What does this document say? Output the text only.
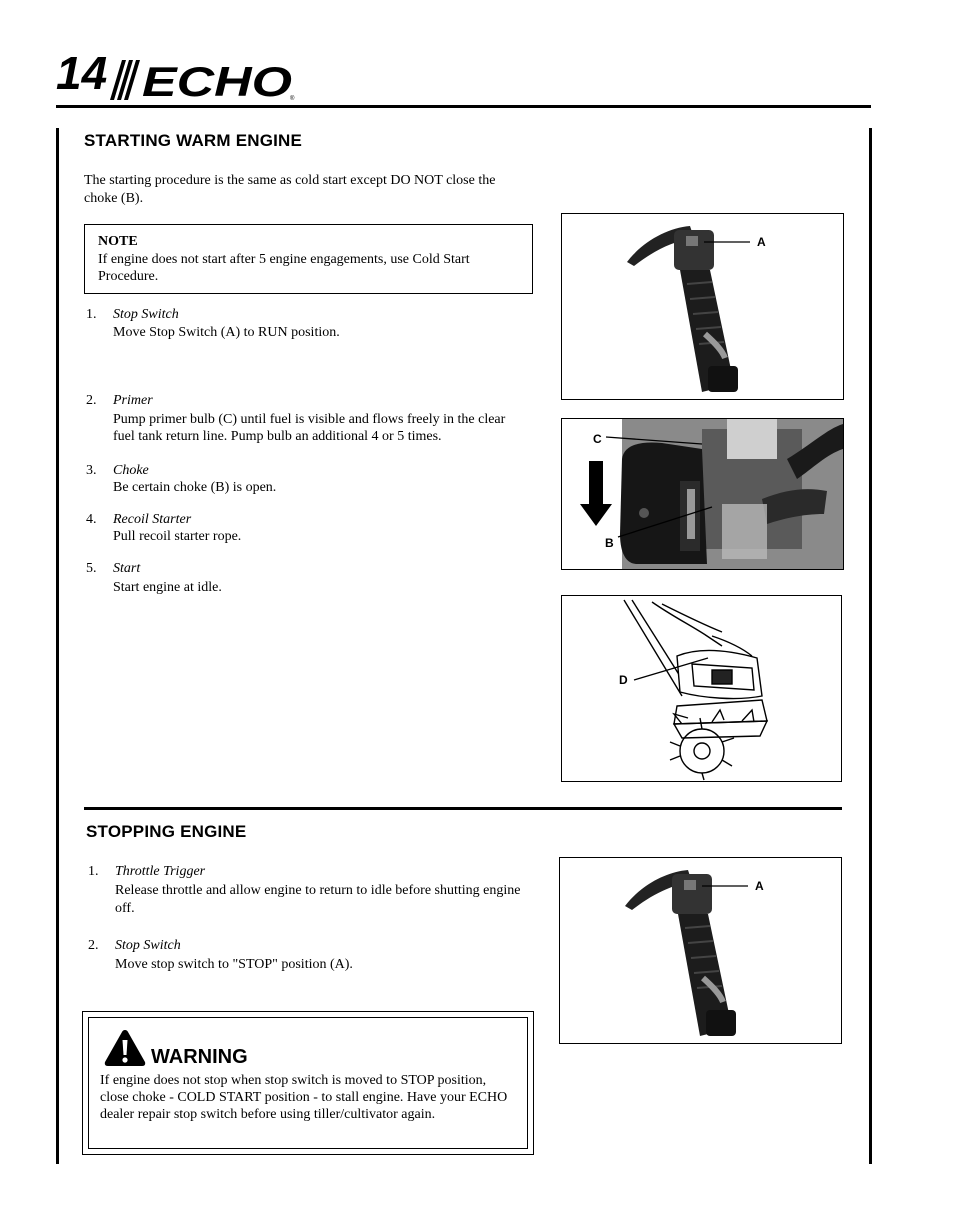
14 ECHO
®
STARTING WARM ENGINE
The starting procedure is the same as cold start except DO NOT close the choke (B).
NOTE
If engine does not start after 5 engine engagements, use Cold Start Procedure.
1. Stop Switch
Move Stop Switch (A) to RUN position.
2. Primer
Pump primer bulb (C) until fuel is visible and flows freely in the clear fuel tank return line. Pump bulb an additional 4 or 5 times.
3. Choke
Be certain choke (B) is open.
4. Recoil Starter
Pull recoil starter rope.
5. Start
Start engine at idle.
A
C
B
D
STOPPING ENGINE
1. Throttle Trigger
Release throttle and allow engine to return to idle before shutting engine off.
2. Stop Switch
Move stop switch to "STOP" position (A).
A
WARNING
If engine does not stop when stop switch is moved to STOP position, close choke - COLD START position - to stall engine. Have your ECHO dealer repair stop switch before using tiller/cultivator again.
